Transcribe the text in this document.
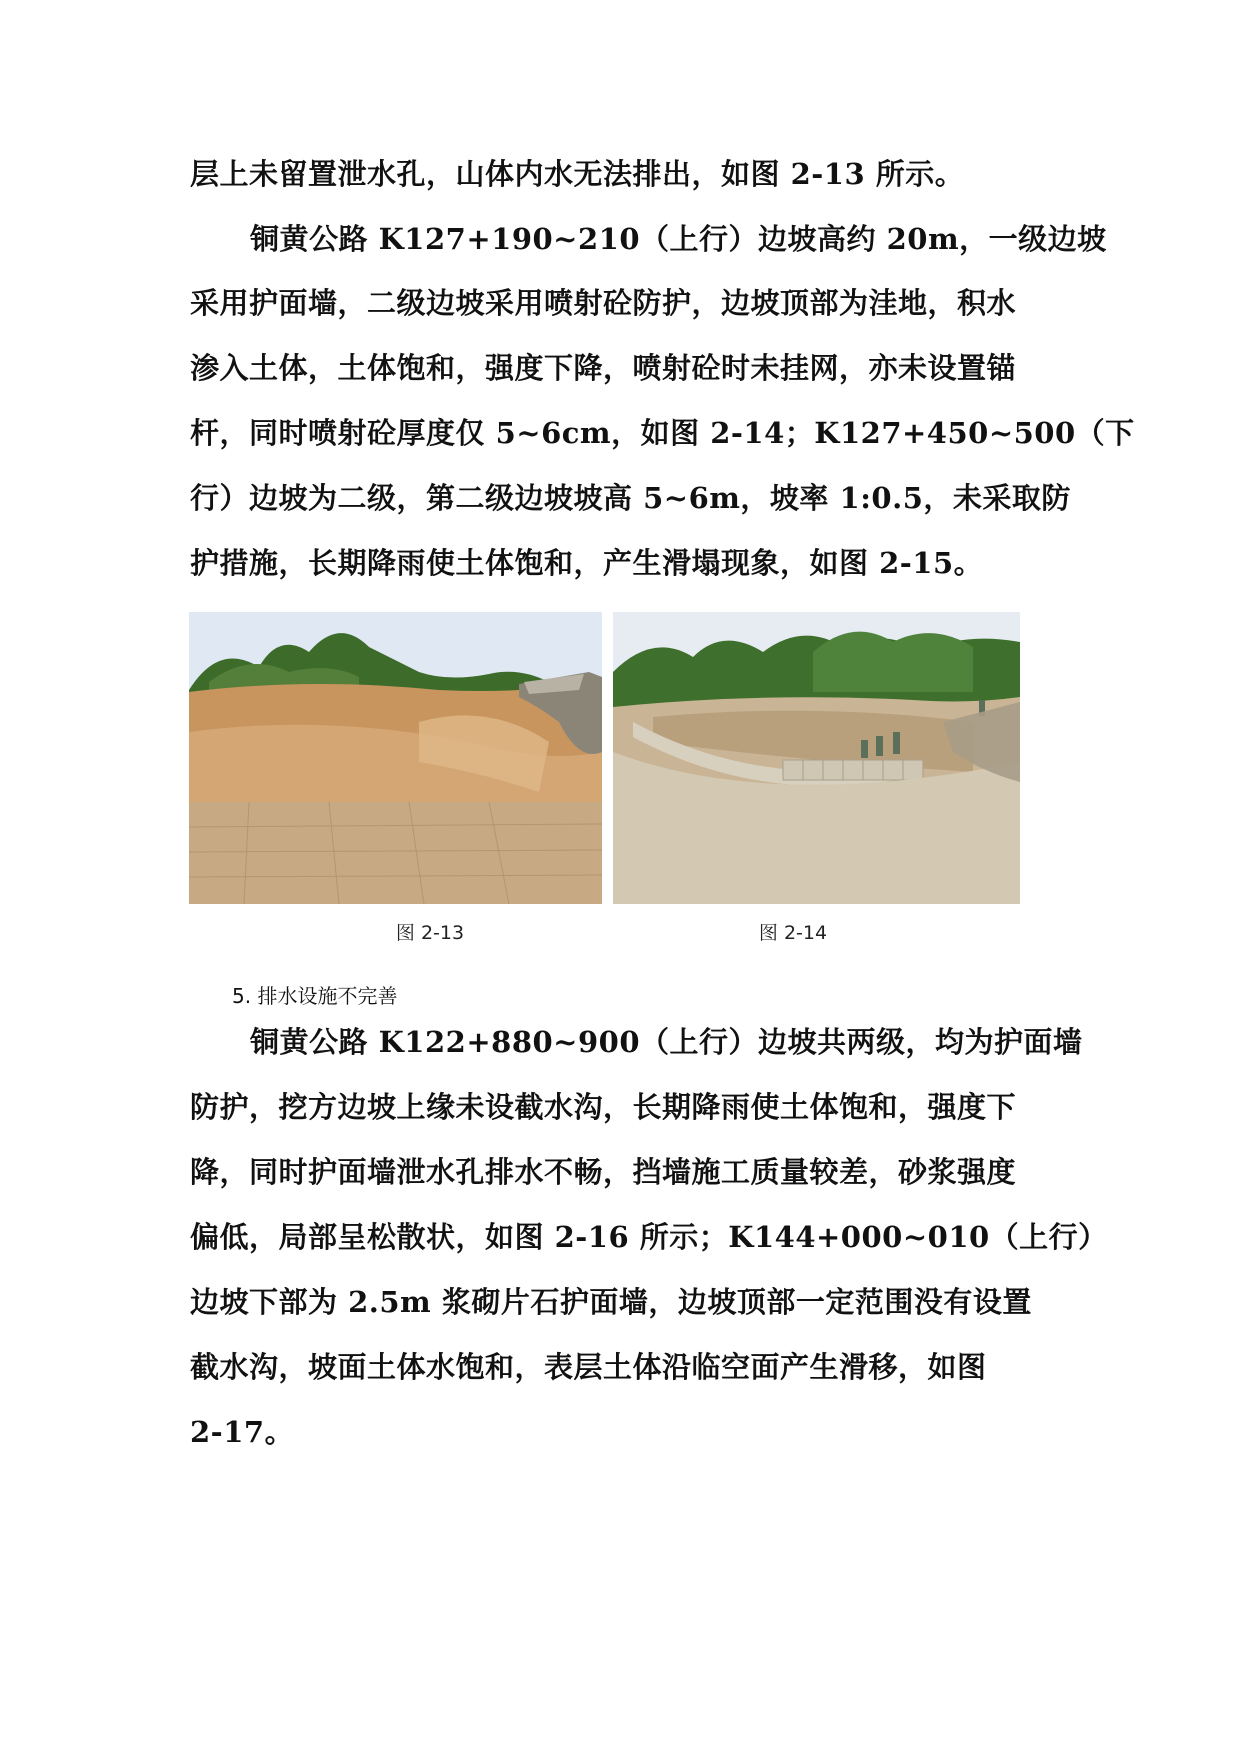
层上未留置泄水孔，山体内水无法排出，如图 2-13 所示。
铜黄公路 K127+190~210（上行）边坡高约 20m，一级边坡
采用护面墙，二级边坡采用喷射砼防护，边坡顶部为洼地，积水
渗入土体，土体饱和，强度下降，喷射砼时未挂网，亦未设置锚
杆，同时喷射砼厚度仅 5~6cm，如图 2-14；K127+450~500（下
行）边坡为二级，第二级边坡坡高 5~6m，坡率 1:0.5，未采取防
护措施，长期降雨使土体饱和，产生滑塌现象，如图 2-15。
图 2-13	图 2-14
5. 排水设施不完善
铜黄公路 K122+880~900（上行）边坡共两级，均为护面墙
防护，挖方边坡上缘未设截水沟，长期降雨使土体饱和，强度下
降，同时护面墙泄水孔排水不畅，挡墙施工质量较差，砂浆强度
偏低，局部呈松散状，如图 2-16 所示；K144+000~010（上行）
边坡下部为 2.5m 浆砌片石护面墙，边坡顶部一定范围没有设置
截水沟，坡面土体水饱和，表层土体沿临空面产生滑移，如图
2-17。
